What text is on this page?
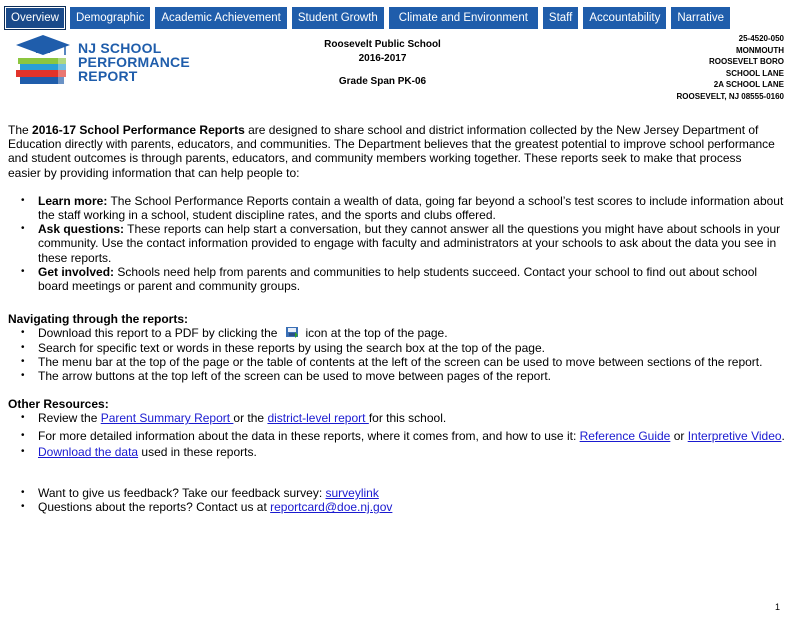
Overview	Demographic	Academic Achievement	Student Growth	Climate and Environment	Staff	Accountability	Narrative
NJ SCHOOL
PERFORMANCE
REPORT
Roosevelt Public School
2016-2017
Grade Span PK-06
25-4520-050
MONMOUTH
ROOSEVELT BORO
SCHOOL LANE
2A SCHOOL LANE
ROOSEVELT, NJ 08555-0160

The 2016-17 School Performance Reports are designed to share school and district information collected by the New Jersey Department of Education directly with parents, educators, and communities. The Department believes that the greatest potential to improve school performance and student outcomes is through parents, educators, and community members working together. These reports seek to make that process easier by providing information that can help people to:

• Learn more: The School Performance Reports contain a wealth of data, going far beyond a school’s test scores to include information about the staff working in a school, student discipline rates, and the sports and clubs offered.
• Ask questions: These reports can help start a conversation, but they cannot answer all the questions you might have about schools in your community. Use the contact information provided to engage with faculty and administrators at your schools to ask about the data you see in these reports.
• Get involved: Schools need help from parents and communities to help students succeed. Contact your school to find out about school board meetings or parent and community groups.

Navigating through the reports:

• Download this report to a PDF by clicking the icon at the top of the page.
• Search for specific text or words in these reports by using the search box at the top of the page.
• The menu bar at the top of the page or the table of contents at the left of the screen can be used to move between sections of the report.
• The arrow buttons at the top left of the screen can be used to move between pages of the report.

Other Resources:

• Review the Parent Summary Report or the district-level report for this school.
• For more detailed information about the data in these reports, where it comes from, and how to use it: Reference Guide or Interpretive Video.
• Download the data used in these reports.
• Want to give us feedback? Take our feedback survey: surveylink
• Questions about the reports? Contact us at reportcard@doe.nj.gov
1
